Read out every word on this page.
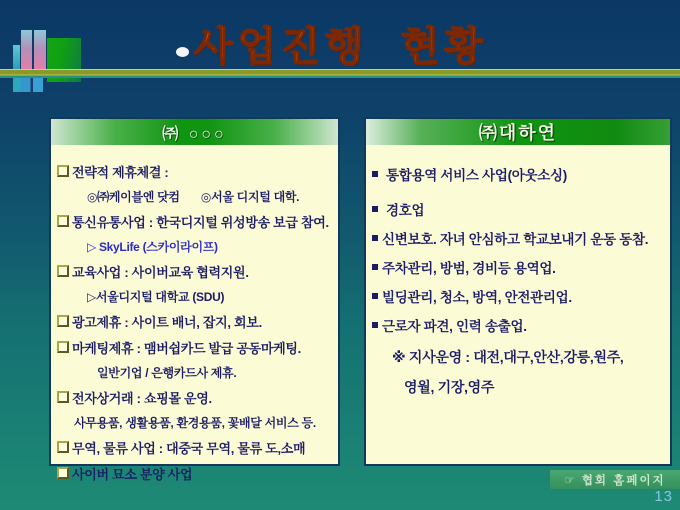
사업진행 현황
㈜ ○○○
전략적 제휴체결 :
◎㈜케이블엔 닷컴       ◎서울 디지털 대학.
통신유통사업 : 한국디지털 위성방송 보급 참여.
▷ SkyLife (스카이라이프)
교육사업 : 사이버교육 협력지원.
▷서울디지털 대학교 (SDU)
광고제휴 : 사이트 배너, 잡지, 회보.
마케팅제휴 : 맴버쉽카드 발급 공동마케팅.
일반기업 / 은행카드사 제휴.
전자상거래 : 쇼핑몰 운영.
사무용품, 생활용품, 환경용품, 꽃배달 서비스 등.
무역, 물류 사업 : 대중국 무역, 물류 도,소매
사이버 묘소 분양 사업
㈜대하연
통합용역 서비스 사업(아웃소싱)
경호업
신변보호. 자녀 안심하고 학교보내기 운동 동참.
주차관리, 방범, 경비등 용역업.
빌딩관리, 청소, 방역, 안전관리업.
근로자 파견, 인력 송출업.
※ 지사운영 : 대전,대구,안산,강릉,원주,
영월, 기장,영주
☞ 협회 홈페이지
13
